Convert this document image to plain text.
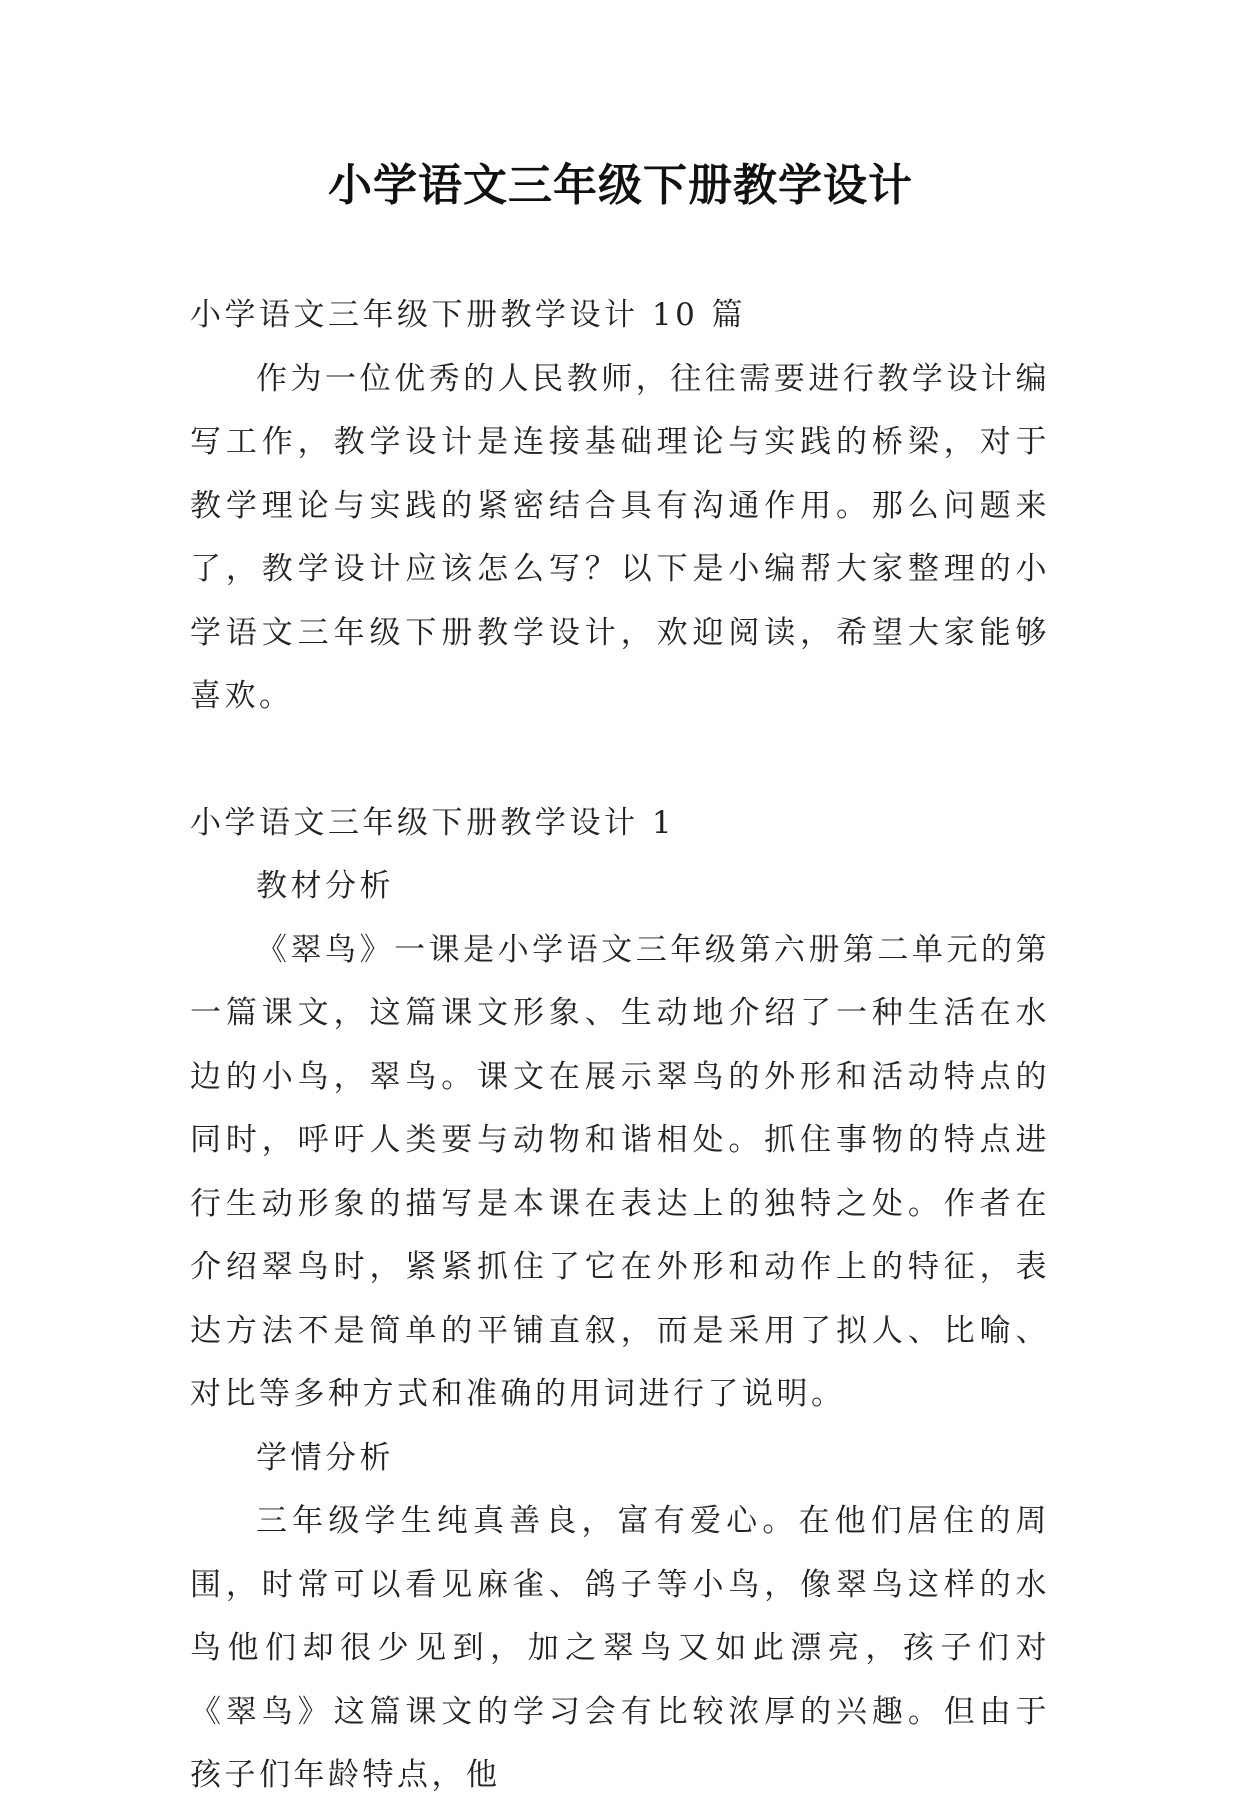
小学语文三年级下册教学设计

小学语文三年级下册教学设计 10 篇

作为一位优秀的人民教师，往往需要进行教学设计编写工作，教学设计是连接基础理论与实践的桥梁，对于教学理论与实践的紧密结合具有沟通作用。那么问题来了，教学设计应该怎么写？以下是小编帮大家整理的小学语文三年级下册教学设计，欢迎阅读，希望大家能够喜欢。

小学语文三年级下册教学设计 1

教材分析

《翠鸟》一课是小学语文三年级第六册第二单元的第一篇课文，这篇课文形象、生动地介绍了一种生活在水边的小鸟，翠鸟。课文在展示翠鸟的外形和活动特点的同时，呼吁人类要与动物和谐相处。抓住事物的特点进行生动形象的描写是本课在表达上的独特之处。作者在介绍翠鸟时，紧紧抓住了它在外形和动作上的特征，表达方法不是简单的平铺直叙，而是采用了拟人、比喻、对比等多种方式和准确的用词进行了说明。

学情分析

三年级学生纯真善良，富有爱心。在他们居住的周围，时常可以看见麻雀、鸽子等小鸟，像翠鸟这样的水鸟他们却很少见到，加之翠鸟又如此漂亮，孩子们对《翠鸟》这篇课文的学习会有比较浓厚的兴趣。但由于孩子们年龄特点，他
